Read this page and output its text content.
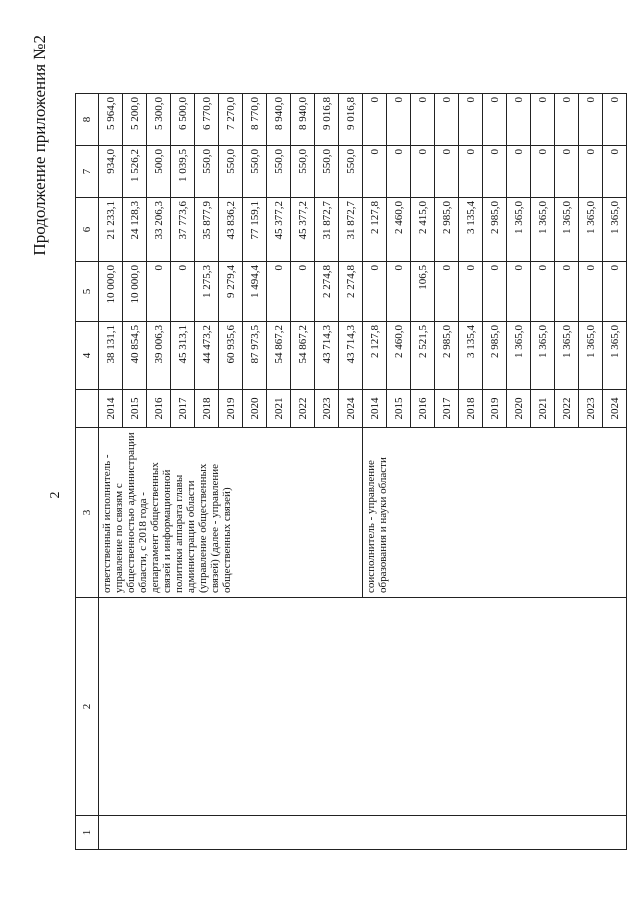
Продолжение приложения №2
2
1	2	3		4	5	6	7	8
		ответственный исполнитель - управление по связям с общественностью администрации области, с 2018 года - департамент общественных связей и информационной политики аппарата главы администрации области (управление общественных связей) (далее - управление общественных связей)	2014	38 131,1	10 000,0	21 233,1	934,0	5 964,0
			2015	40 854,5	10 000,0	24 128,3	1 526,2	5 200,0
			2016	39 006,3	0	33 206,3	500,0	5 300,0
			2017	45 313,1	0	37 773,6	1 039,5	6 500,0
			2018	44 473,2	1 275,3	35 877,9	550,0	6 770,0
			2019	60 935,6	9 279,4	43 836,2	550,0	7 270,0
			2020	87 973,5	1 494,4	77 159,1	550,0	8 770,0
			2021	54 867,2	0	45 377,2	550,0	8 940,0
			2022	54 867,2	0	45 377,2	550,0	8 940,0
			2023	43 714,3	2 274,8	31 872,7	550,0	9 016,8
			2024	43 714,3	2 274,8	31 872,7	550,0	9 016,8
		соисполнитель - управление образования и науки области	2014	2 127,8	0	2 127,8	0	0
			2015	2 460,0	0	2 460,0	0	0
			2016	2 521,5	106,5	2 415,0	0	0
			2017	2 985,0	0	2 985,0	0	0
			2018	3 135,4	0	3 135,4	0	0
			2019	2 985,0	0	2 985,0	0	0
			2020	1 365,0	0	1 365,0	0	0
			2021	1 365,0	0	1 365,0	0	0
			2022	1 365,0	0	1 365,0	0	0
			2023	1 365,0	0	1 365,0	0	0
			2024	1 365,0	0	1 365,0	0	0
